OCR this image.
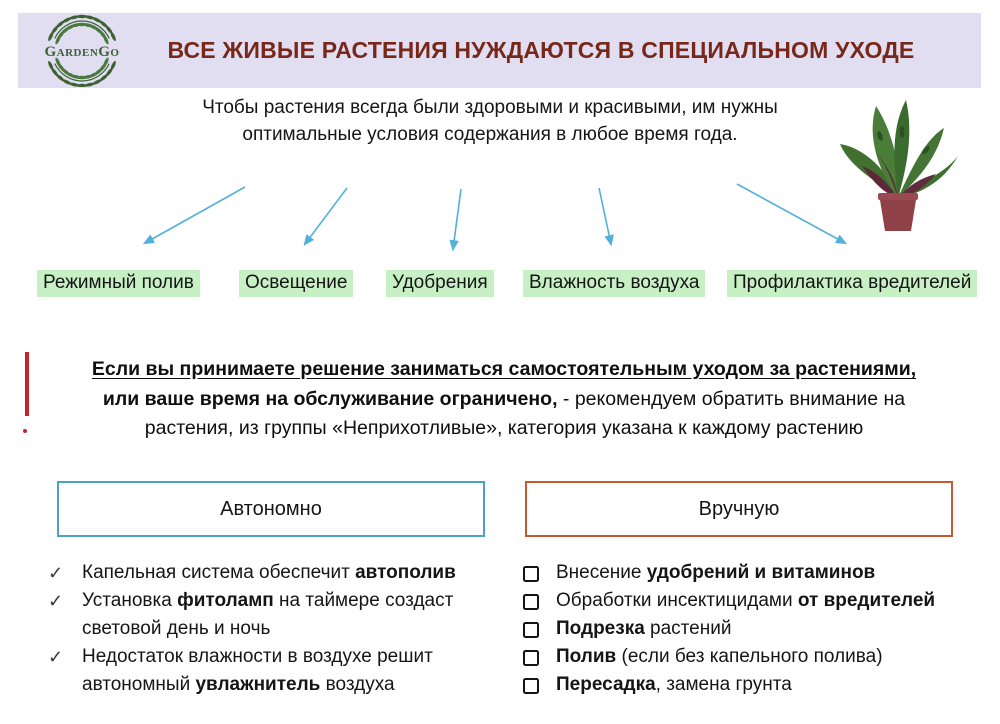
GardenGo	ВСЕ ЖИВЫЕ РАСТЕНИЯ НУЖДАЮТСЯ В СПЕЦИАЛЬНОМ УХОДЕ
Чтобы растения всегда были здоровыми и красивыми, им нужны оптимальные условия содержания в любое время года.
Режимный полив	Освещение	Удобрения	Влажность воздуха	Профилактика вредителей
Если вы принимаете решение заниматься самостоятельным уходом за растениями,
или ваше время на обслуживание ограничено, - рекомендуем обратить внимание на
растения, из группы «Неприхотливые», категория указана к каждому растению
Автономно	Вручную
✓ Капельная система обеспечит автополив
✓ Установка фитоламп на таймере создаст световой день и ночь
✓ Недостаток влажности в воздухе решит автономный увлажнитель воздуха
Внесение удобрений и витаминов
Обработки инсектицидами от вредителей
Подрезка растений
Полив (если без капельного полива)
Пересадка, замена грунта
